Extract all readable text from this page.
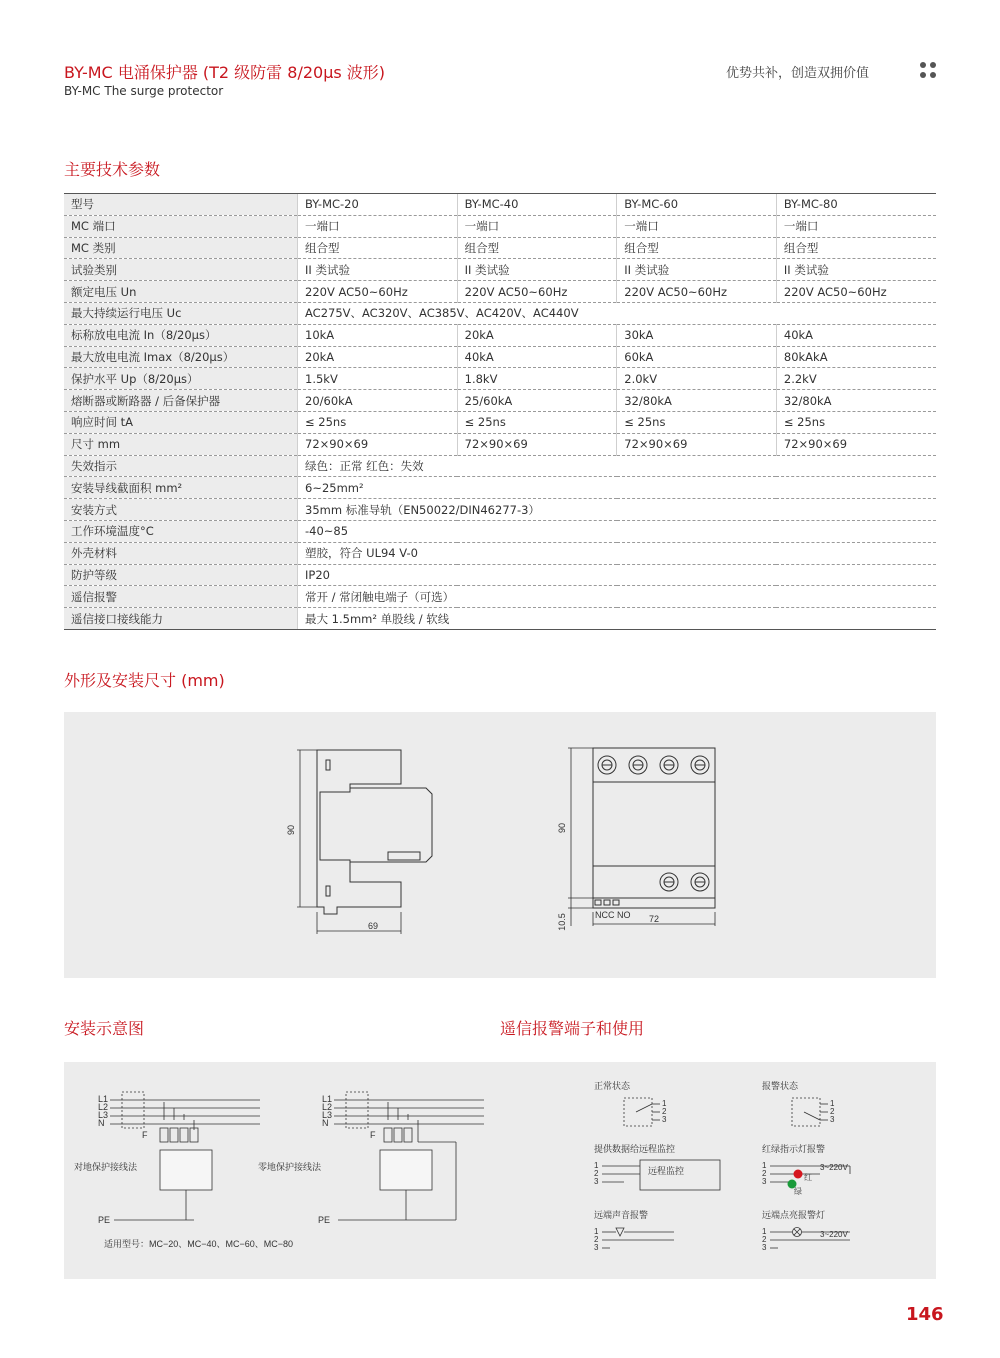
BY-MC 电涌保护器 (T2 级防雷 8/20μs 波形)
BY-MC The surge protector
优势共补，创造双拥价值
主要技术参数
型号	BY-MC-20	BY-MC-40	BY-MC-60	BY-MC-80
MC 端口	一端口	一端口	一端口	一端口
MC 类别	组合型	组合型	组合型	组合型
试验类别	II 类试验	II 类试验	II 类试验	II 类试验
额定电压 Un	220V AC50~60Hz	220V AC50~60Hz	220V AC50~60Hz	220V AC50~60Hz
最大持续运行电压 Uc	AC275V、AC320V、AC385V、AC420V、AC440V			
标称放电电流 In（8/20μs）	10kA	20kA	30kA	40kA
最大放电电流 Imax（8/20μs）	20kA	40kA	60kA	80kAkA
保护水平 Up（8/20μs）	1.5kV	1.8kV	2.0kV	2.2kV
熔断器或断路器 / 后备保护器	20/60kA	25/60kA	32/80kA	32/80kA
响应时间 tA	≤ 25ns	≤ 25ns	≤ 25ns	≤ 25ns
尺寸 mm	72×90×69	72×90×69	72×90×69	72×90×69
失效指示	绿色：正常 红色：失效			
安装导线截面积 mm²	6~25mm²			
安装方式	35mm 标准导轨（EN50022/DIN46277-3）			
工作环境温度°C	-40~85			
外壳材料	塑胶，符合 UL94 V-0			
防护等级	IP20			
遥信报警	常开 / 常闭触电端子（可选）			
遥信接口接线能力	最大 1.5mm² 单股线 / 软线			
外形及安装尺寸 (mm)
90
69
90
10.5	NCC NO 72
安装示意图	遥信报警端子和使用
L1
L2
L3
N
F
PE
对地保护接线法
L1
L2
L3
N
F
PE
零地保护接线法
适用型号：MC−20、MC−40、MC−60、MC−80
正常状态	报警状态
提供数据给远程监控	红绿指示灯报警
远程监控
红
绿
3~220V
远端声音报警	远端点亮报警灯
3~220V
1
2
3
1
2
3
1
2
3
1
2
3
1
2
3
1
2
3
146
